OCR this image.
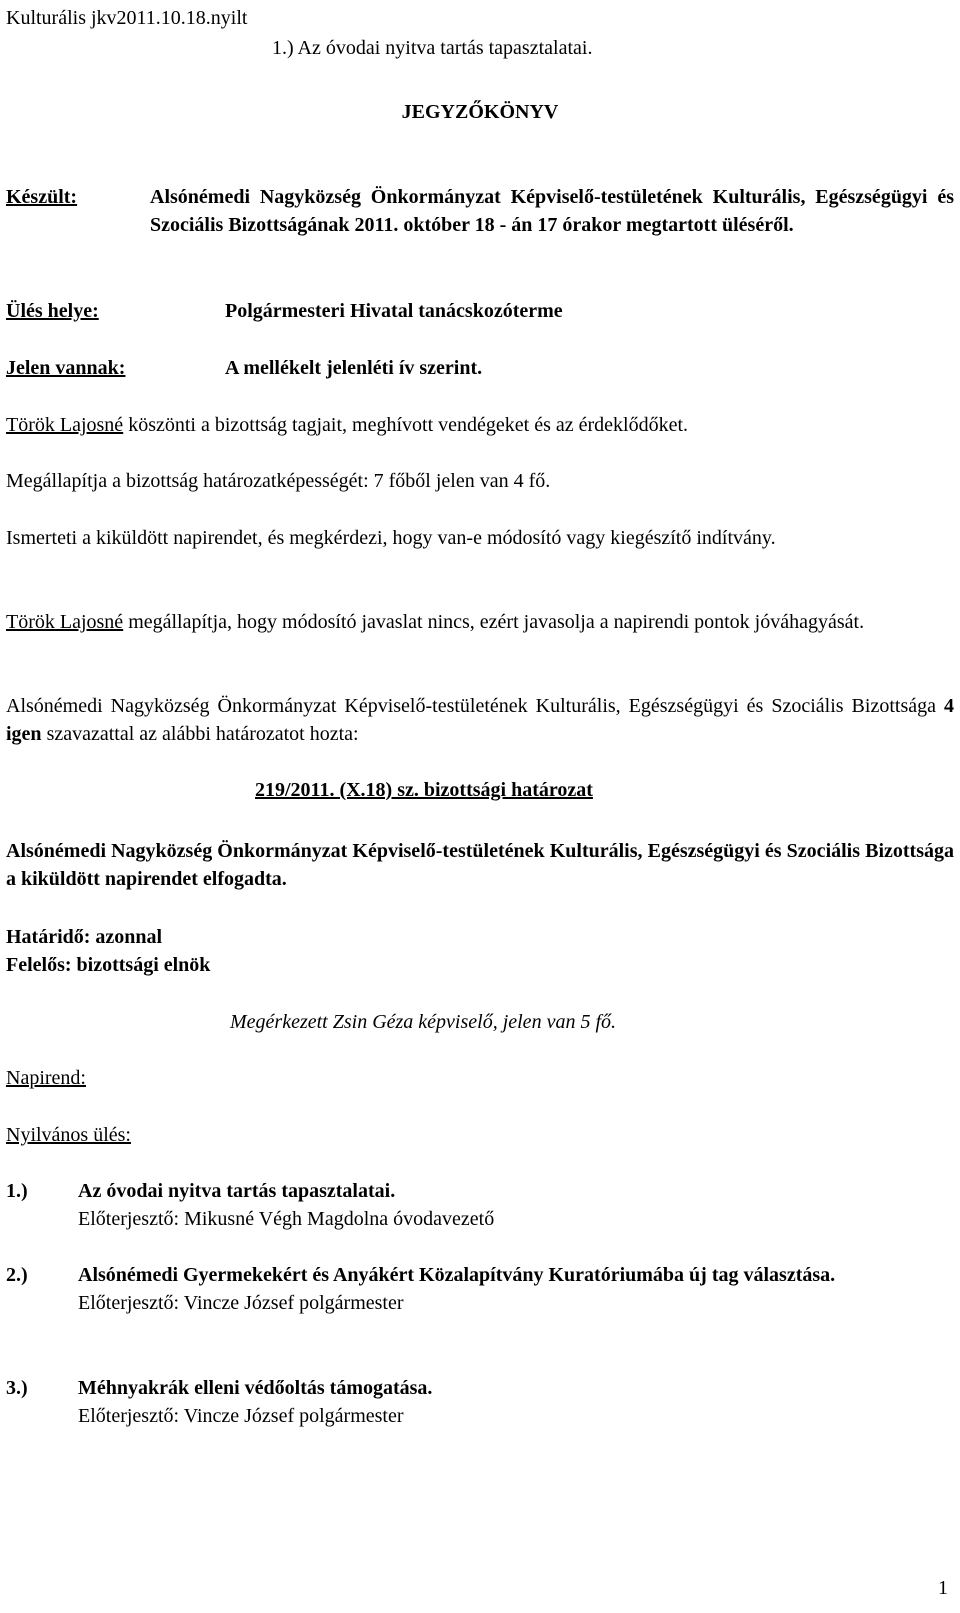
Kulturális jkv2011.10.18.nyilt
1.) Az óvodai nyitva tartás tapasztalatai.
JEGYZŐKÖNYV
Készült:	Alsónémedi Nagyközség Önkormányzat Képviselő-testületének Kulturális, Egészségügyi és Szociális Bizottságának 2011. október 18 - án 17 órakor megtartott üléséről.
Ülés helye:	Polgármesteri Hivatal tanácskozóterme
Jelen vannak:	A mellékelt jelenléti ív szerint.
Török Lajosné köszönti a bizottság tagjait, meghívott vendégeket és az érdeklődőket.
Megállapítja a bizottság határozatképességét: 7 főből jelen van 4 fő.
Ismerteti a kiküldött napirendet, és megkérdezi, hogy van-e módosító vagy kiegészítő indítvány.
Török Lajosné megállapítja, hogy módosító javaslat nincs, ezért javasolja a napirendi pontok jóváhagyását.
Alsónémedi Nagyközség Önkormányzat Képviselő-testületének Kulturális, Egészségügyi és Szociális Bizottsága 4 igen szavazattal az alábbi határozatot hozta:
219/2011. (X.18) sz. bizottsági határozat
Alsónémedi Nagyközség Önkormányzat Képviselő-testületének Kulturális, Egészségügyi és Szociális Bizottsága a kiküldött napirendet elfogadta.
Határidő: azonnal
Felelős: bizottsági elnök
Megérkezett Zsin Géza képviselő, jelen van 5 fő.
Napirend:
Nyilvános ülés:
1.)	Az óvodai nyitva tartás tapasztalatai.
Előterjesztő: Mikusné Végh Magdolna óvodavezető
2.)	Alsónémedi Gyermekekért és Anyákért Közalapítvány Kuratóriumába új tag választása.
Előterjesztő: Vincze József polgármester
3.)	Méhnyakrák elleni védőoltás támogatása.
Előterjesztő: Vincze József polgármester
1
